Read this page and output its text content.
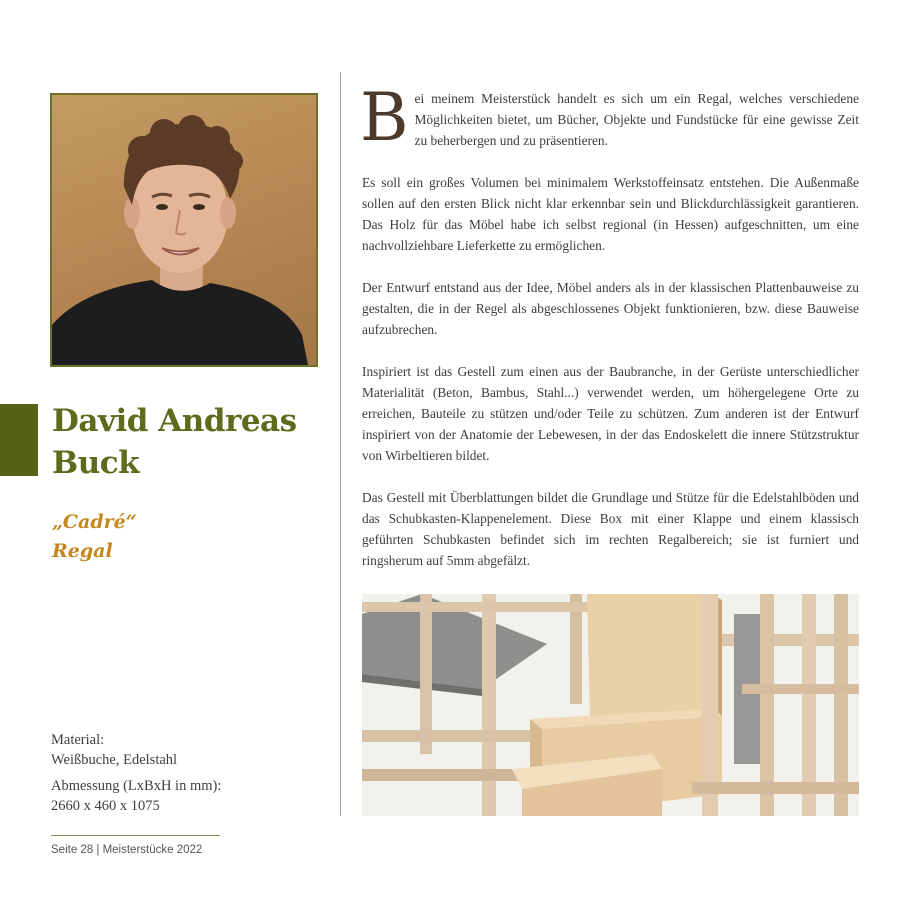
David Andreas
Buck
„Cadré“
Regal
Material:
Weißbuche, Edelstahl
Abmessung (LxBxH in mm):
2660 x 460 x 1075
Seite 28 | Meisterstücke 2022

Bei meinem Meisterstück handelt es sich um ein Regal, welches verschiedene Möglichkeiten bietet, um Bücher, Objekte und Fundstücke für eine gewisse Zeit zu beherbergen und zu präsentieren.

Es soll ein großes Volumen bei minimalem Werkstoffeinsatz entstehen. Die Außenmaße sollen auf den ersten Blick nicht klar erkennbar sein und Blickdurchlässigkeit garantieren. Das Holz für das Möbel habe ich selbst regional (in Hessen) aufgeschnitten, um eine nachvollziehbare Lieferkette zu ermöglichen.

Der Entwurf entstand aus der Idee, Möbel anders als in der klassischen Plattenbauweise zu gestalten, die in der Regel als abgeschlossenes Objekt funktionieren, bzw. diese Bauweise aufzubrechen.

Inspiriert ist das Gestell zum einen aus der Baubranche, in der Gerüste unterschiedlicher Materialität (Beton, Bambus, Stahl...) verwendet werden, um höhergelegene Orte zu erreichen, Bauteile zu stützen und/oder Teile zu schützen. Zum anderen ist der Entwurf inspiriert von der Anatomie der Lebewesen, in der das Endoskelett die innere Stützstruktur von Wirbeltieren bildet.

Das Gestell mit Überblattungen bildet die Grundlage und Stütze für die Edelstahlböden und das Schubkasten-Klappenelement. Diese Box mit einer Klappe und einem klassisch geführten Schubkasten befindet sich im rechten Regalbereich; sie ist furniert und ringsherum auf 5mm abgefälzt.
